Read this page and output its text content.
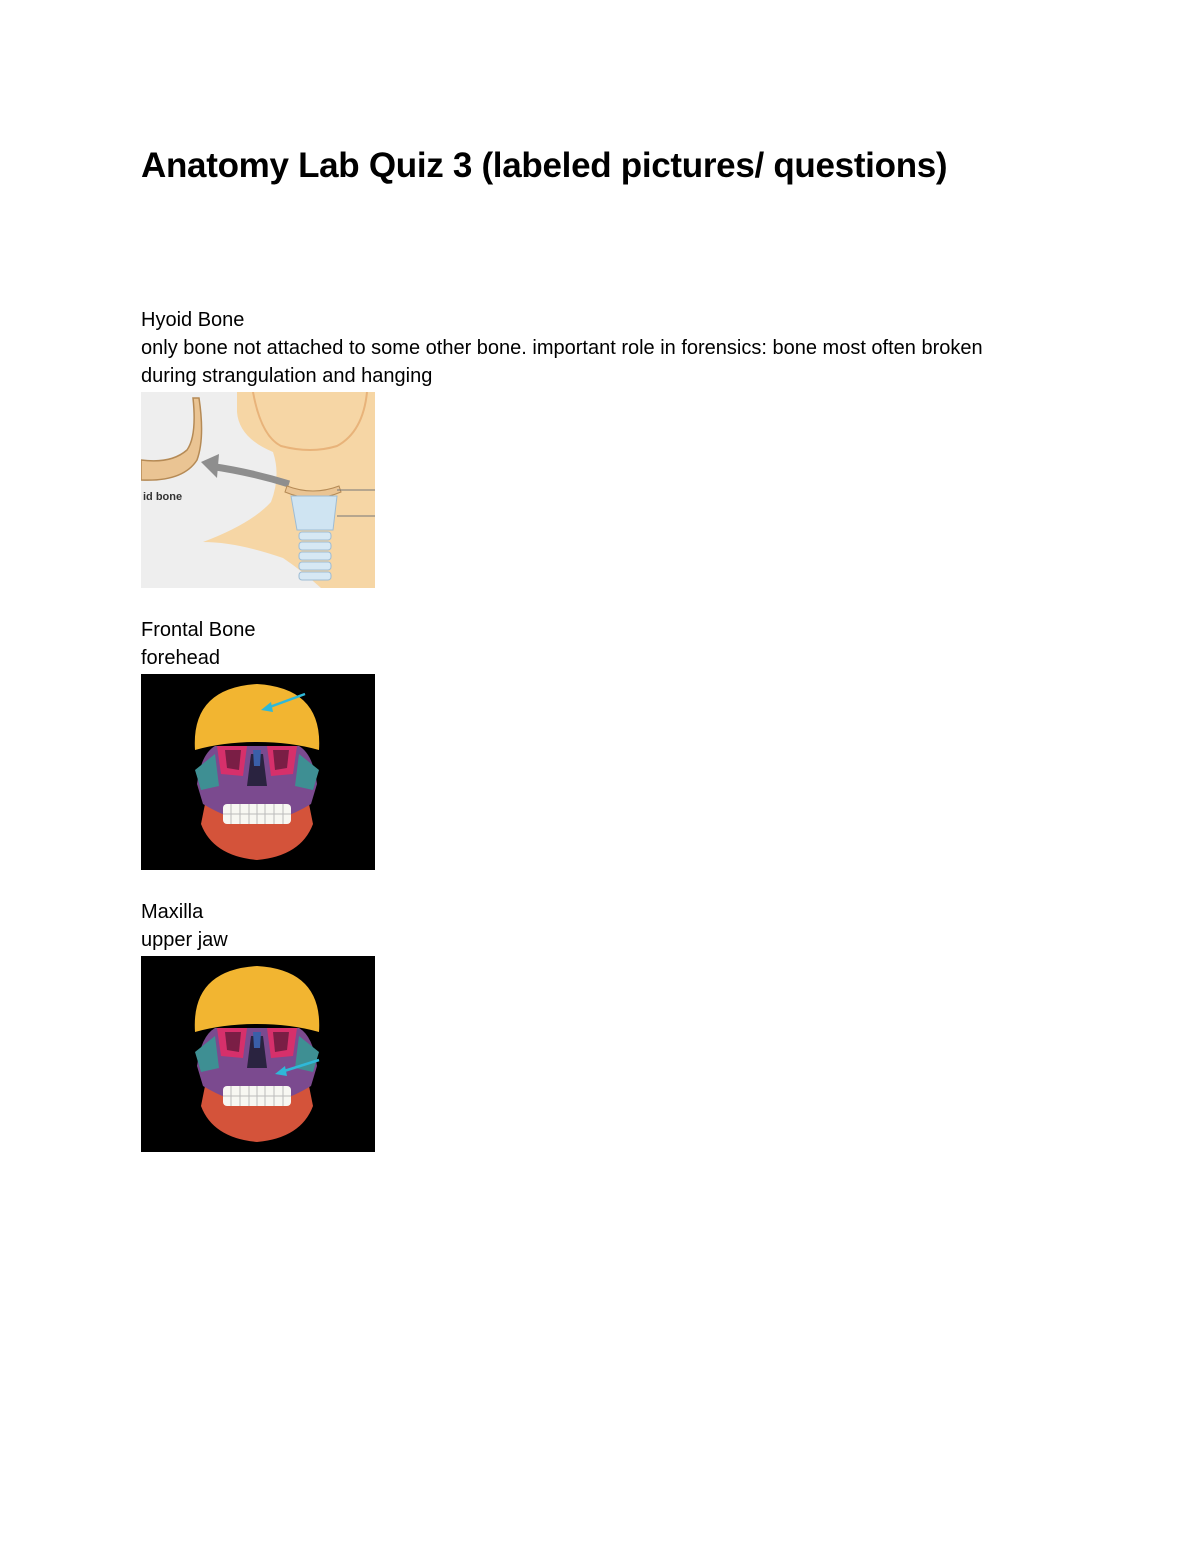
Anatomy Lab Quiz 3 (labeled pictures/ questions)

Hyoid Bone

only bone not attached to some other bone. important role in forensics: bone most often broken during strangulation and hanging

id bone

Frontal Bone

forehead

Maxilla

upper jaw
